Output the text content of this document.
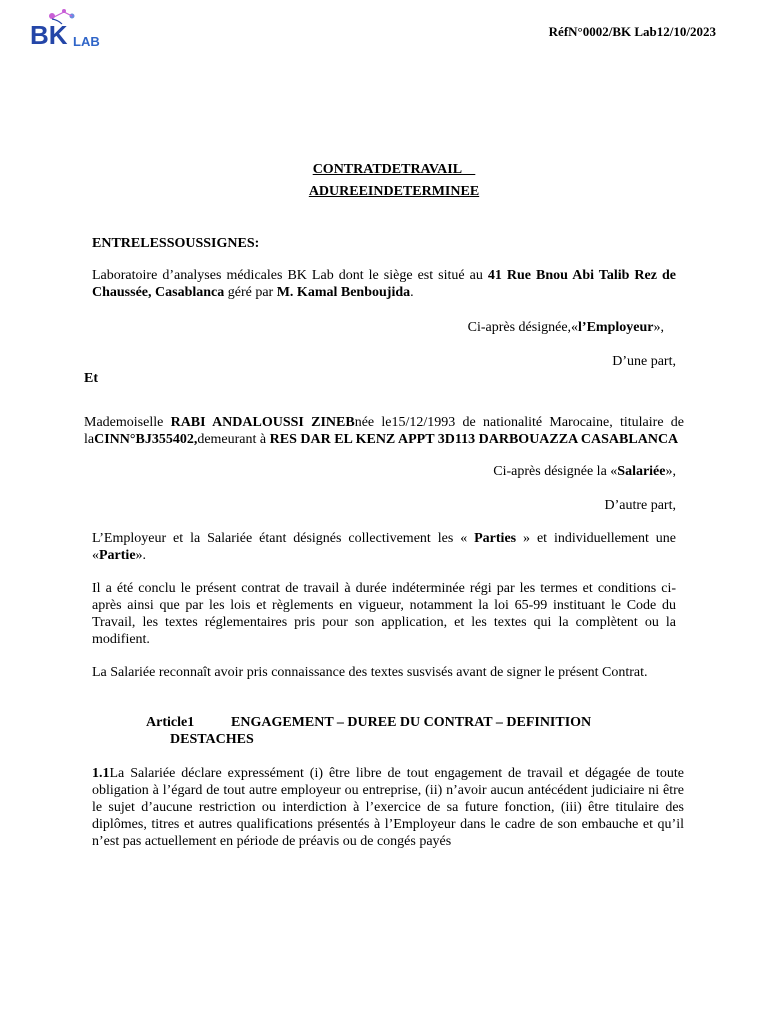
BK LAB
RéfN°0002/BK Lab12/10/2023
CONTRATDETRAVAIL
ADUREEINDETERMINEE
ENTRELESSOUSSIGNES:
Laboratoire d’analyses médicales BK Lab dont le siège est situé au 41 Rue Bnou Abi Talib Rez de Chaussée, Casablanca géré par M. Kamal Benboujida.
Ci-après désignée,«l’Employeur»,
D’une part,
Et
Mademoiselle RABI ANDALOUSSI ZINEBnée le15/12/1993 de nationalité Marocaine, titulaire de laCINN°BJ355402,demeurant à RES DAR EL KENZ APPT 3D113 DARBOUAZZA CASABLANCA
Ci-après désignée la «Salariée»,
D’autre part,
L’Employeur et la Salariée étant désignés collectivement les « Parties » et individuellement une «Partie».
Il a été conclu le présent contrat de travail à durée indéterminée régi par les termes et conditions ci-après ainsi que par les lois et règlements en vigueur, notamment la loi 65-99 instituant le Code du Travail, les textes réglementaires pris pour son application, et les textes qui la complètent ou la modifient.
La Salariée reconnaît avoir pris connaissance des textes susvisés avant de signer le présent Contrat.
Article1	ENGAGEMENT – DUREE DU CONTRAT – DEFINITION
DESTACHES
1.1La Salariée déclare expressément (i) être libre de tout engagement de travail et dégagée de toute obligation à l’égard de tout autre employeur ou entreprise, (ii) n’avoir aucun antécédent judiciaire ni être le sujet d’aucune restriction ou interdiction à l’exercice de sa future fonction, (iii) être titulaire des diplômes, titres et autres qualifications présentés à l’Employeur dans le cadre de son embauche et qu’il n’est pas actuellement en période de préavis ou de congés payés
